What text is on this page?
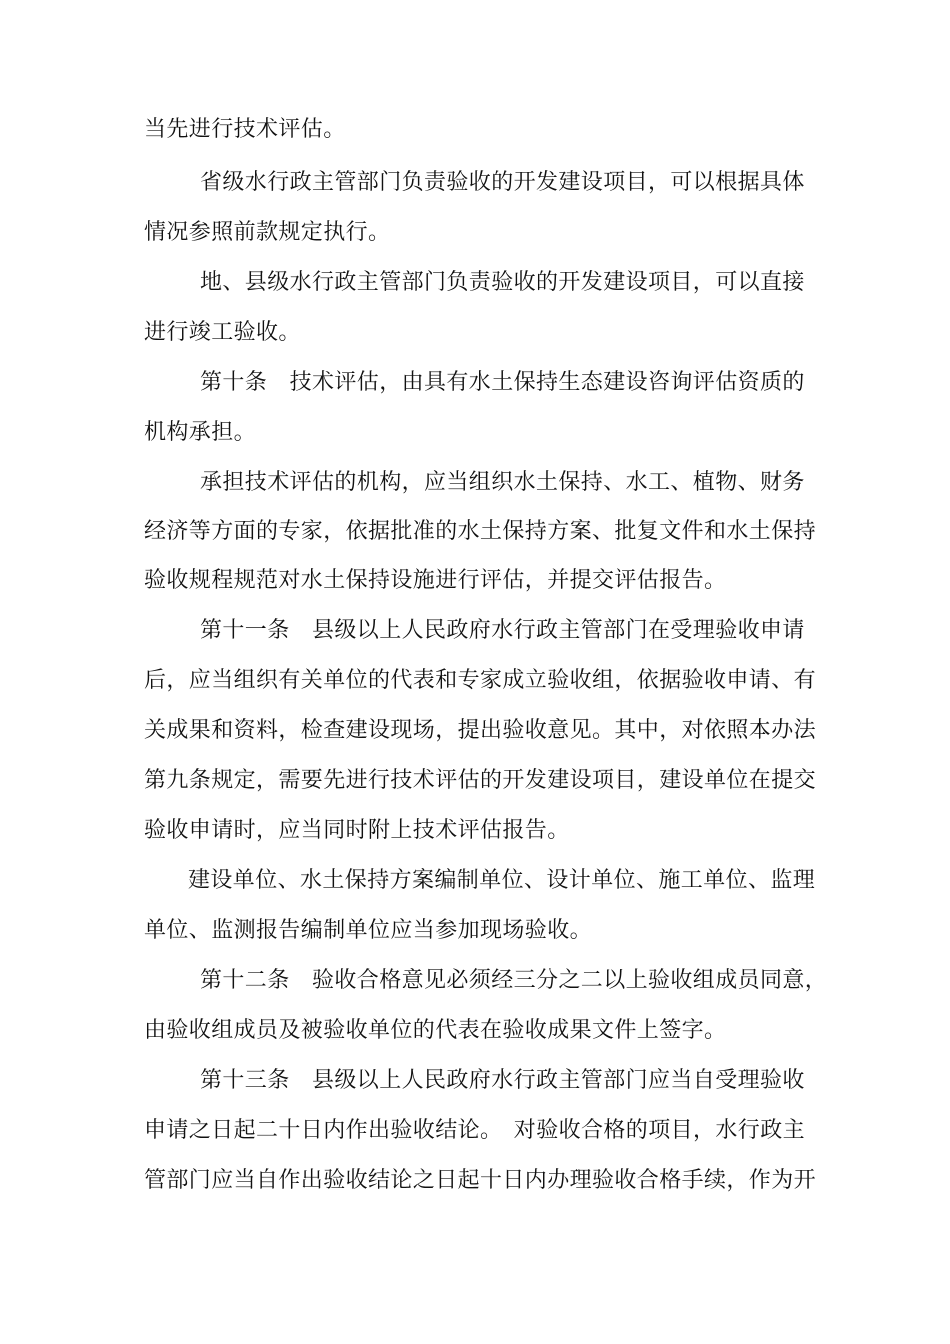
当先进行技术评估。
省级水行政主管部门负责验收的开发建设项目，可以根据具体
情况参照前款规定执行。
地、县级水行政主管部门负责验收的开发建设项目，可以直接
进行竣工验收。
第十条　技术评估，由具有水土保持生态建设咨询评估资质的
机构承担。
承担技术评估的机构，应当组织水土保持、水工、植物、财务
经济等方面的专家，依据批准的水土保持方案、批复文件和水土保持
验收规程规范对水土保持设施进行评估，并提交评估报告。
第十一条　县级以上人民政府水行政主管部门在受理验收申请
后，应当组织有关单位的代表和专家成立验收组，依据验收申请、有
关成果和资料，检查建设现场，提出验收意见。其中，对依照本办法
第九条规定，需要先进行技术评估的开发建设项目，建设单位在提交
验收申请时，应当同时附上技术评估报告。
建设单位、水土保持方案编制单位、设计单位、施工单位、监理
单位、监测报告编制单位应当参加现场验收。
第十二条　验收合格意见必须经三分之二以上验收组成员同意，
由验收组成员及被验收单位的代表在验收成果文件上签字。
第十三条　县级以上人民政府水行政主管部门应当自受理验收
申请之日起二十日内作出验收结论。　对验收合格的项目，水行政主
管部门应当自作出验收结论之日起十日内办理验收合格手续，作为开
